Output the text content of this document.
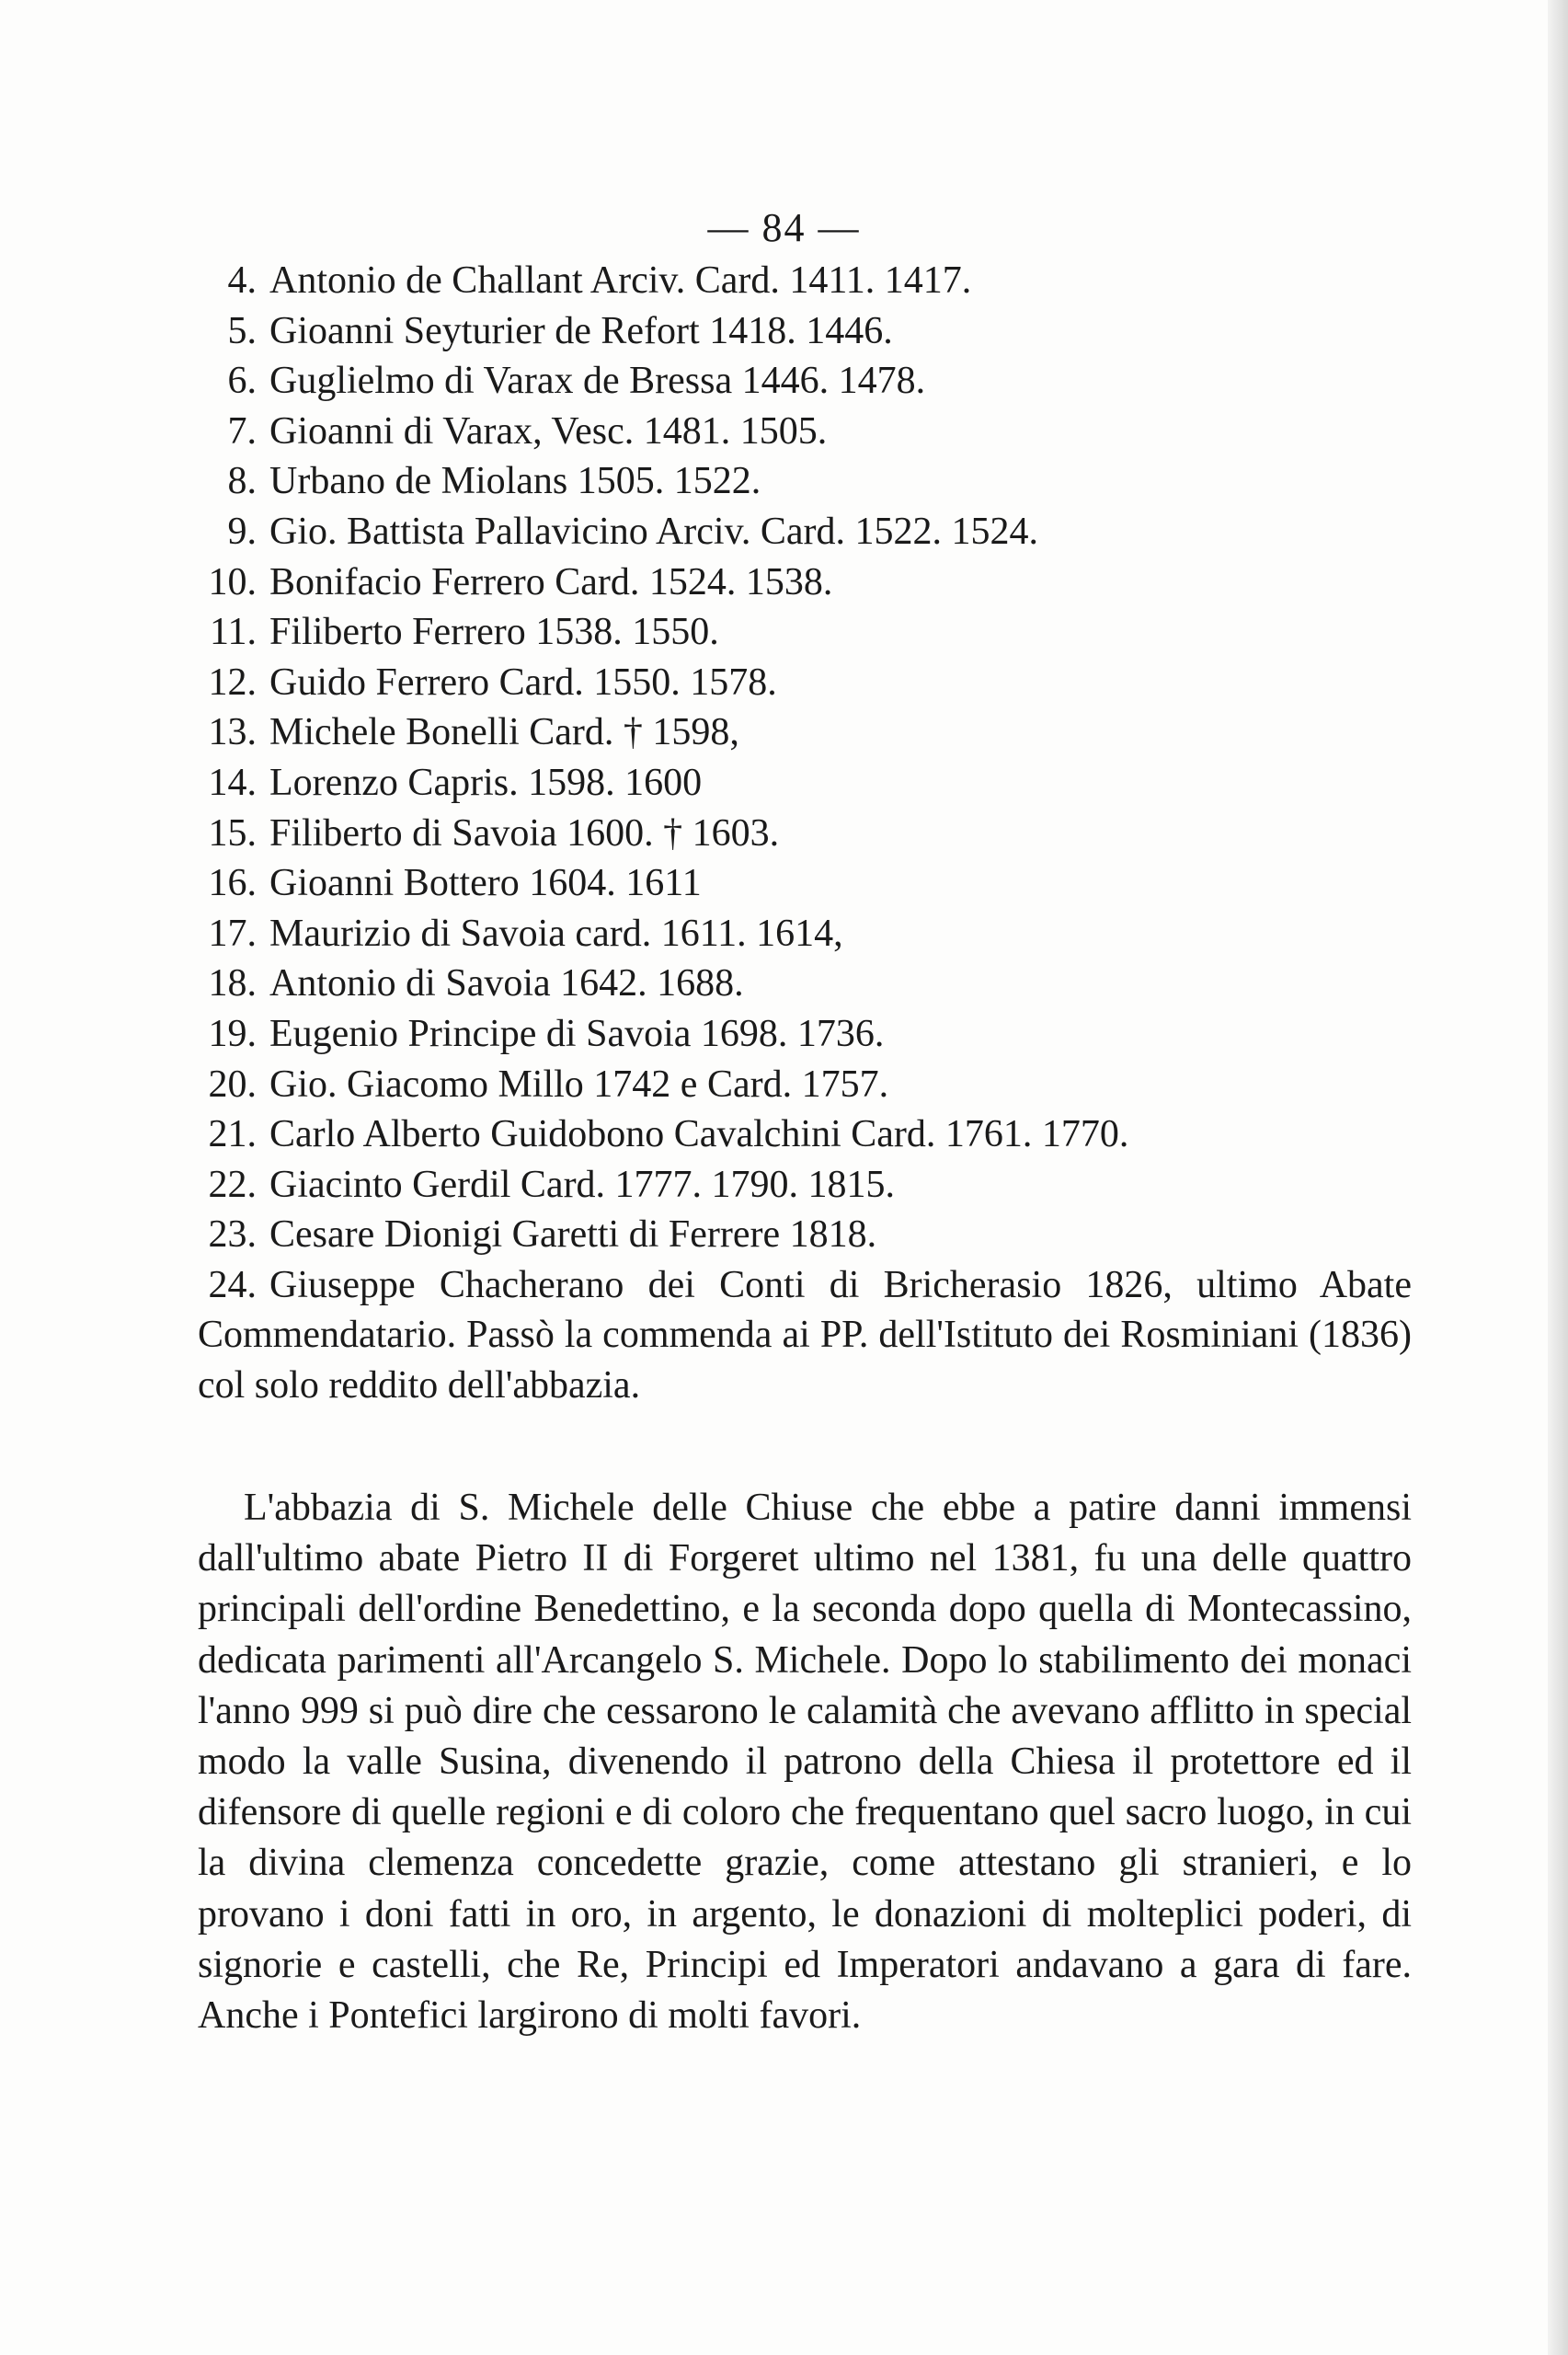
— 84 —
4. Antonio de Challant Arciv. Card. 1411. 1417.
5. Gioanni Seyturier de Refort 1418. 1446.
6. Guglielmo di Varax de Bressa 1446. 1478.
7. Gioanni di Varax, Vesc. 1481. 1505.
8. Urbano de Miolans 1505. 1522.
9. Gio. Battista Pallavicino Arciv. Card. 1522. 1524.
10. Bonifacio Ferrero Card. 1524. 1538.
11. Filiberto Ferrero 1538. 1550.
12. Guido Ferrero Card. 1550. 1578.
13. Michele Bonelli Card. † 1598,
14. Lorenzo Capris. 1598. 1600
15. Filiberto di Savoia 1600. † 1603.
16. Gioanni Bottero 1604. 1611
17. Maurizio di Savoia card. 1611. 1614,
18. Antonio di Savoia 1642. 1688.
19. Eugenio Principe di Savoia 1698. 1736.
20. Gio. Giacomo Millo 1742 e Card. 1757.
21. Carlo Alberto Guidobono Cavalchini Card. 1761. 1770.
22. Giacinto Gerdil Card. 1777. 1790. 1815.
23. Cesare Dionigi Garetti di Ferrere 1818.
24. Giuseppe Chacherano dei Conti di Bricherasio 1826, ultimo Abate Commendatario. Passò la commenda ai PP. dell'Istituto dei Rosminiani (1836) col solo reddito dell'abbazia.
L'abbazia di S. Michele delle Chiuse che ebbe a patire danni immensi dall'ultimo abate Pietro II di Forgeret ultimo nel 1381, fu una delle quattro principali dell'ordine Benedettino, e la seconda dopo quella di Montecassino, dedicata parimenti all'Arcangelo S. Michele. Dopo lo stabilimento dei monaci l'anno 999 si può dire che cessarono le calamità che avevano afflitto in special modo la valle Susina, divenendo il patrono della Chiesa il protettore ed il difensore di quelle regioni e di coloro che frequentano quel sacro luogo, in cui la divina clemenza concedette grazie, come attestano gli stranieri, e lo provano i doni fatti in oro, in argento, le donazioni di molteplici poderi, di signorie e castelli, che Re, Principi ed Imperatori andavano a gara di fare. Anche i Pontefici largirono di molti favori.
